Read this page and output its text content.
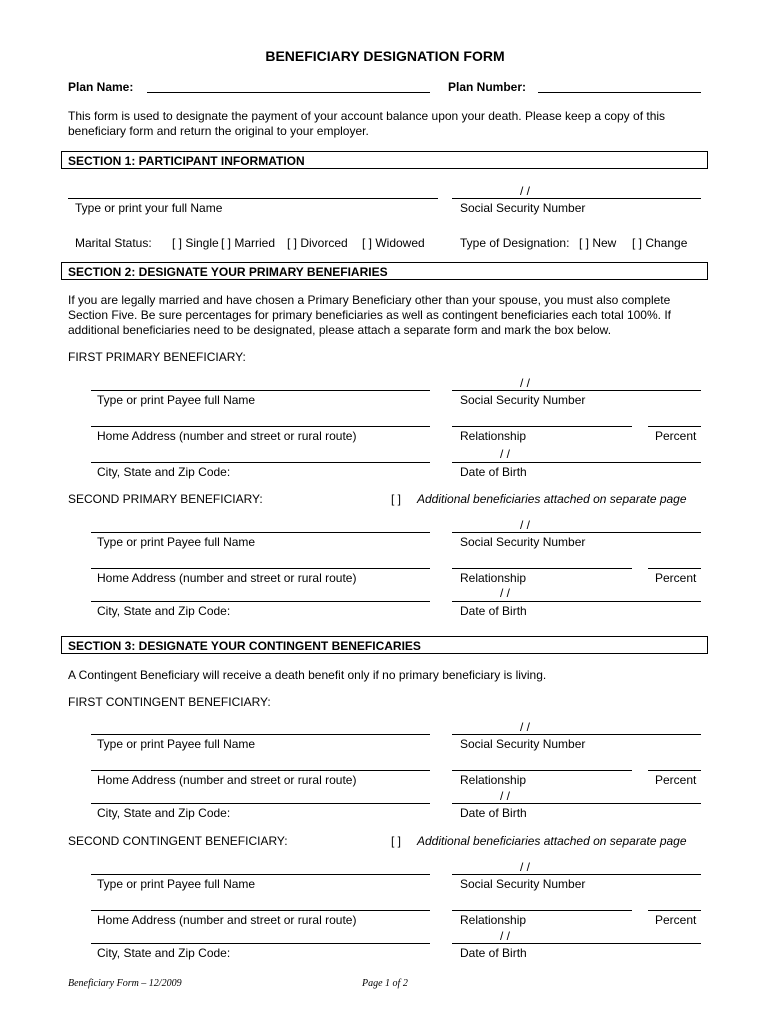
BENEFICIARY DESIGNATION FORM
Plan Name:	Plan Number:
This form is used to designate the payment of your account balance upon your death. Please keep a copy of this beneficiary form and return the original to your employer.
SECTION 1: PARTICIPANT INFORMATION
/ /
Type or print your full Name	Social Security Number
Marital Status: [ ] Single [ ] Married [ ] Divorced [ ] Widowed	Type of Designation: [ ] New [ ] Change
SECTION 2: DESIGNATE YOUR PRIMARY BENEFIARIES
If you are legally married and have chosen a Primary Beneficiary other than your spouse, you must also complete Section Five. Be sure percentages for primary beneficiaries as well as contingent beneficiaries each total 100%. If additional beneficiaries need to be designated, please attach a separate form and mark the box below.
FIRST PRIMARY BENEFICIARY:
/ /
Type or print Payee full Name	Social Security Number
Home Address (number and street or rural route)	Relationship	Percent
/ /
City, State and Zip Code:	Date of Birth
SECOND PRIMARY BENEFICIARY:	[ ] Additional beneficiaries attached on separate page
/ /
Type or print Payee full Name	Social Security Number
Home Address (number and street or rural route)	Relationship	Percent
/ /
City, State and Zip Code:	Date of Birth
SECTION 3: DESIGNATE YOUR CONTINGENT BENEFICARIES
A Contingent Beneficiary will receive a death benefit only if no primary beneficiary is living.
FIRST CONTINGENT BENEFICIARY:
/ /
Type or print Payee full Name	Social Security Number
Home Address (number and street or rural route)	Relationship	Percent
/ /
City, State and Zip Code:	Date of Birth
SECOND CONTINGENT BENEFICIARY:	[ ] Additional beneficiaries attached on separate page
/ /
Type or print Payee full Name	Social Security Number
Home Address (number and street or rural route)	Relationship	Percent
/ /
City, State and Zip Code:	Date of Birth
Beneficiary Form – 12/2009	Page 1 of 2
